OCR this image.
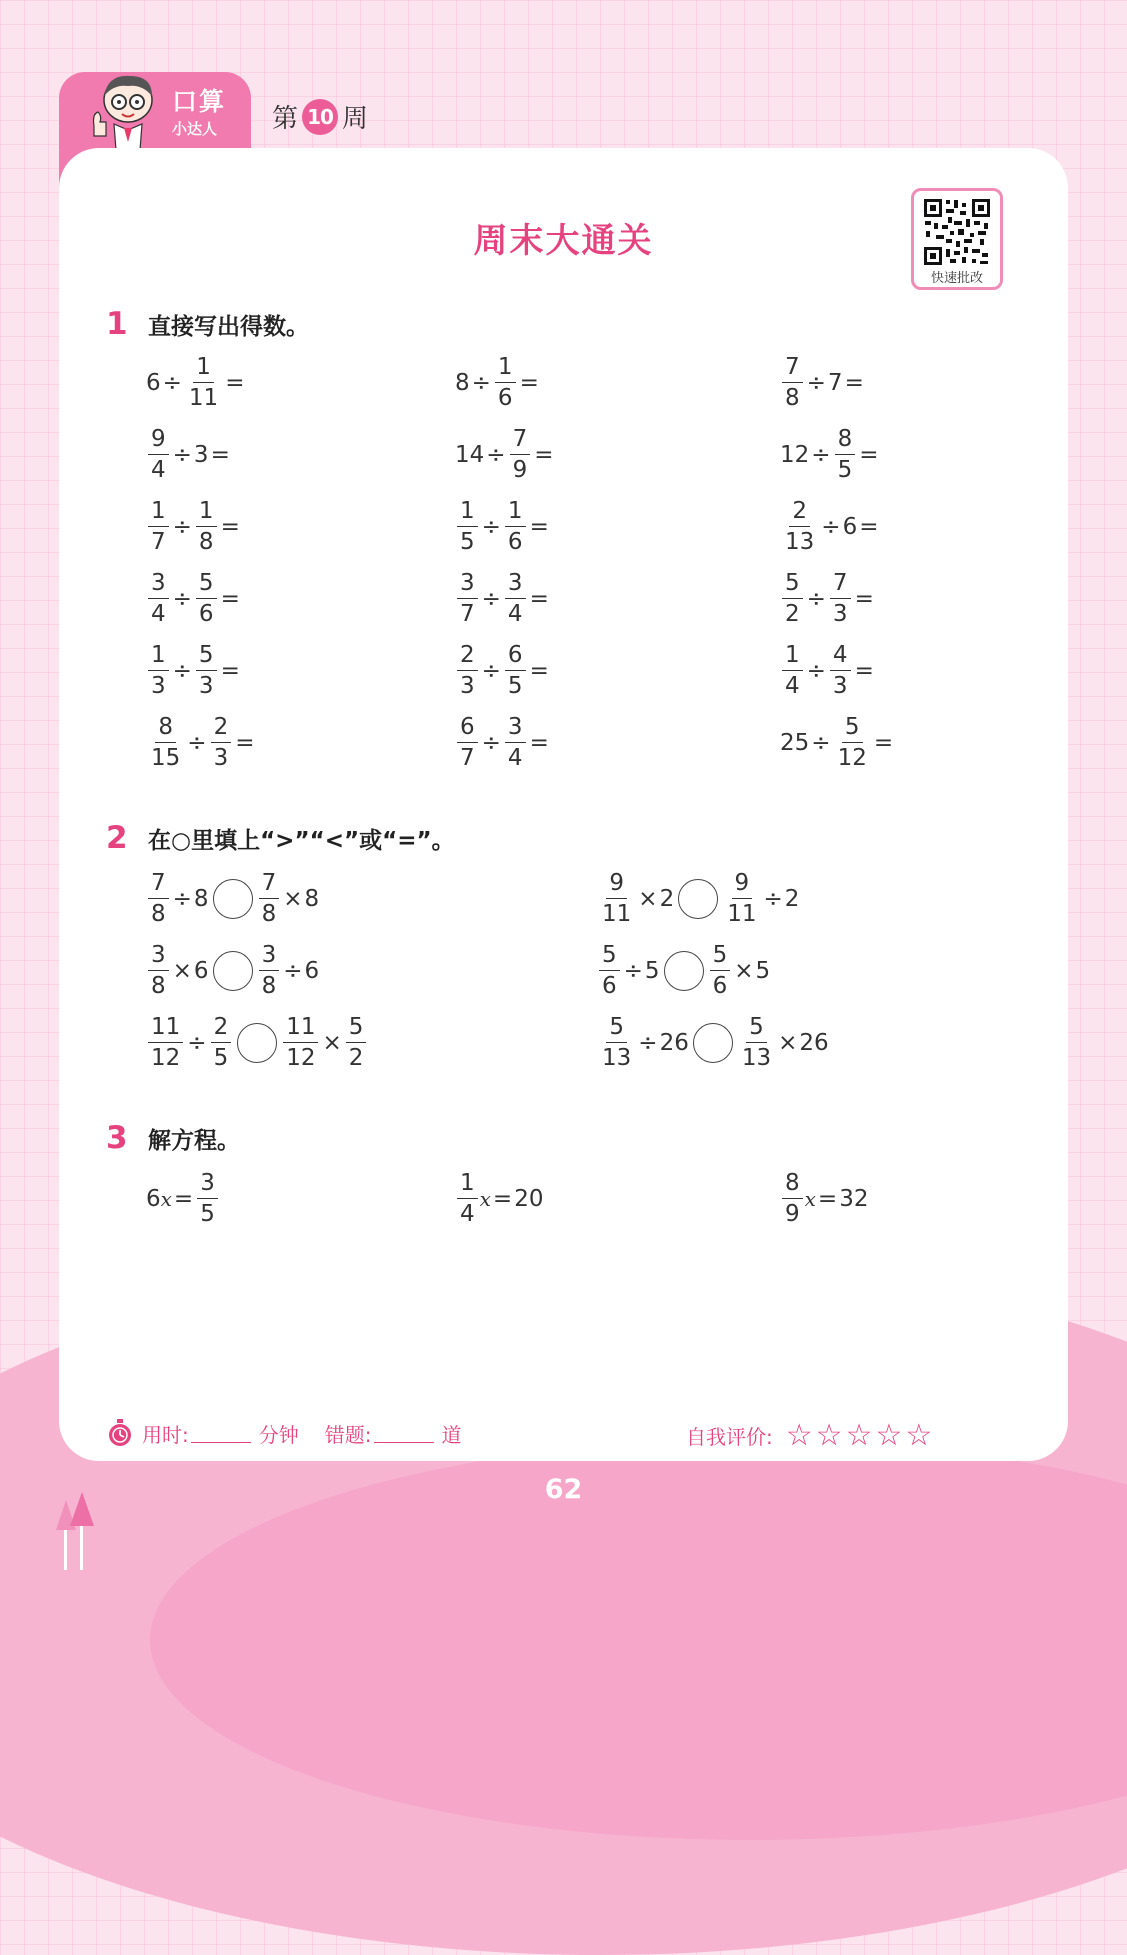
口算
小达人 第 10 周
周末大通关
快速批改
1 直接写出得数。
$6 \div \frac{1}{11}$ =	$8 \div \frac{1}{6}$ =	$\frac{7}{8} \div 7$ =
$\frac{9}{4} \div 3$ =	$14 \div \frac{7}{9}$ =	$12 \div \frac{8}{5}$ =
$\frac{1}{7} \div \frac{1}{8}$ =	$\frac{1}{5} \div \frac{1}{6}$ =	$\frac{2}{13} \div 6$ =
$\frac{3}{4} \div \frac{5}{6}$ =	$\frac{3}{7} \div \frac{3}{4}$ =	$\frac{5}{2} \div \frac{7}{3}$ =
$\frac{1}{3} \div \frac{5}{3}$ =	$\frac{2}{3} \div \frac{6}{5}$ =	$\frac{1}{4} \div \frac{4}{3}$ =
$\frac{8}{15} \div \frac{2}{3}$ =	$\frac{6}{7} \div \frac{3}{4}$ =	$25 \div \frac{5}{12}$ =
2 在○里填上“>”“<”或“=”。
$\frac{7}{8} \div 8 \frac{7}{8} \times 8$	$\frac{9}{11} \times 2 \frac{9}{11} \div 2$
$\frac{3}{8} \times 6 \frac{3}{8} \div 6$	$\frac{5}{6} \div 5 \frac{5}{6} \times 5$
$\frac{11}{12} \div \frac{2}{5} \frac{11}{12} \times \frac{5}{2}$	$\frac{5}{13} \div 26 \frac{5}{13} \times 26$
3 解方程。
6 $x = \frac{3}{5}$	$\frac{1}{4}$ x = 20	$\frac{8}{9}$ x = 32
用时:	分钟 错题:	道	自我评价: ☆ ☆ ☆ ☆ ☆
62
